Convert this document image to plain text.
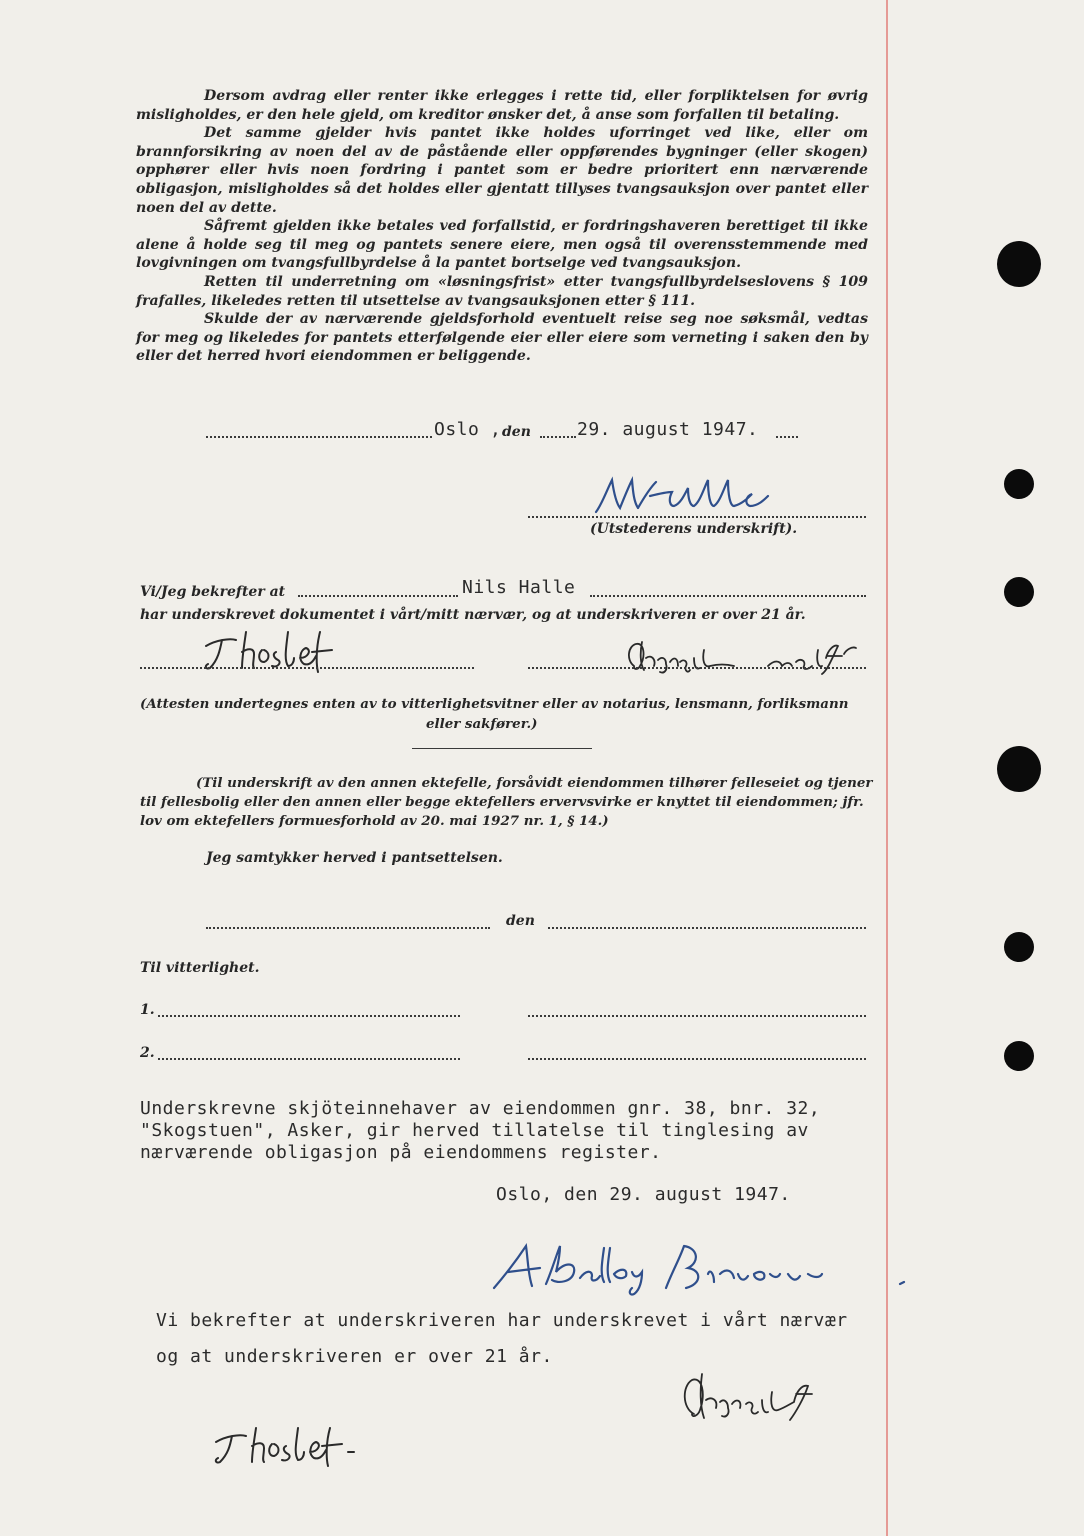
Dersom avdrag eller renter ikke erlegges i rette tid, eller forpliktelsen for øvrig misligholdes, er den hele gjeld, om kreditor ønsker det, å anse som forfallen til betaling.

Det samme gjelder hvis pantet ikke holdes uforringet ved like, eller om brannforsikring av noen del av de påstående eller oppførendes bygninger (eller skogen) opphører eller hvis noen fordring i pantet som er bedre prioritert enn nærværende obligasjon, misligholdes så det holdes eller gjentatt tillyses tvangsauksjon over pantet eller noen del av dette.

Såfremt gjelden ikke betales ved forfallstid, er fordringshaveren berettiget til ikke alene å holde seg til meg og pantets senere eiere, men også til overensstemmende med lovgivningen om tvangsfullbyrdelse å la pantet bortselge ved tvangsauksjon.

Retten til underretning om «løsningsfrist» etter tvangsfullbyrdelseslovens § 109 frafalles, likeledes retten til utsettelse av tvangsauksjonen etter § 111.

Skulde der av nærværende gjeldsforhold eventuelt reise seg noe søksmål, vedtas for meg og likeledes for pantets etterfølgende eier eller eiere som verneting i saken den by eller det herred hvori eiendommen er beliggende.

Oslo , den	29. august 1947.
(Utstederens underskrift).
Vi/Jeg bekrefter at	Nils Halle
har underskrevet dokumentet i vårt/mitt nærvær, og at underskriveren er over 21 år.
(Attesten undertegnes enten av to vitterlighetsvitner eller av notarius, lensmann, forliksmann
eller sakfører.)
(Til underskrift av den annen ektefelle, forsåvidt eiendommen tilhører felleseiet og tjener
til fellesbolig eller den annen eller begge ektefellers ervervsvirke er knyttet til eiendommen; jfr.
lov om ektefellers formuesforhold av 20. mai 1927 nr. 1, § 14.)
Jeg samtykker herved i pantsettelsen.
den
Til vitterlighet.
1.
2.
Underskrevne skjöteinnehaver av eiendommen gnr. 38, bnr. 32,
"Skogstuen", Asker, gir herved tillatelse til tinglesing av
nærværende obligasjon på eiendommens register.
Oslo, den 29. august 1947.
Vi bekrefter at underskriveren har underskrevet i vårt nærvær
og at underskriveren er over 21 år.
